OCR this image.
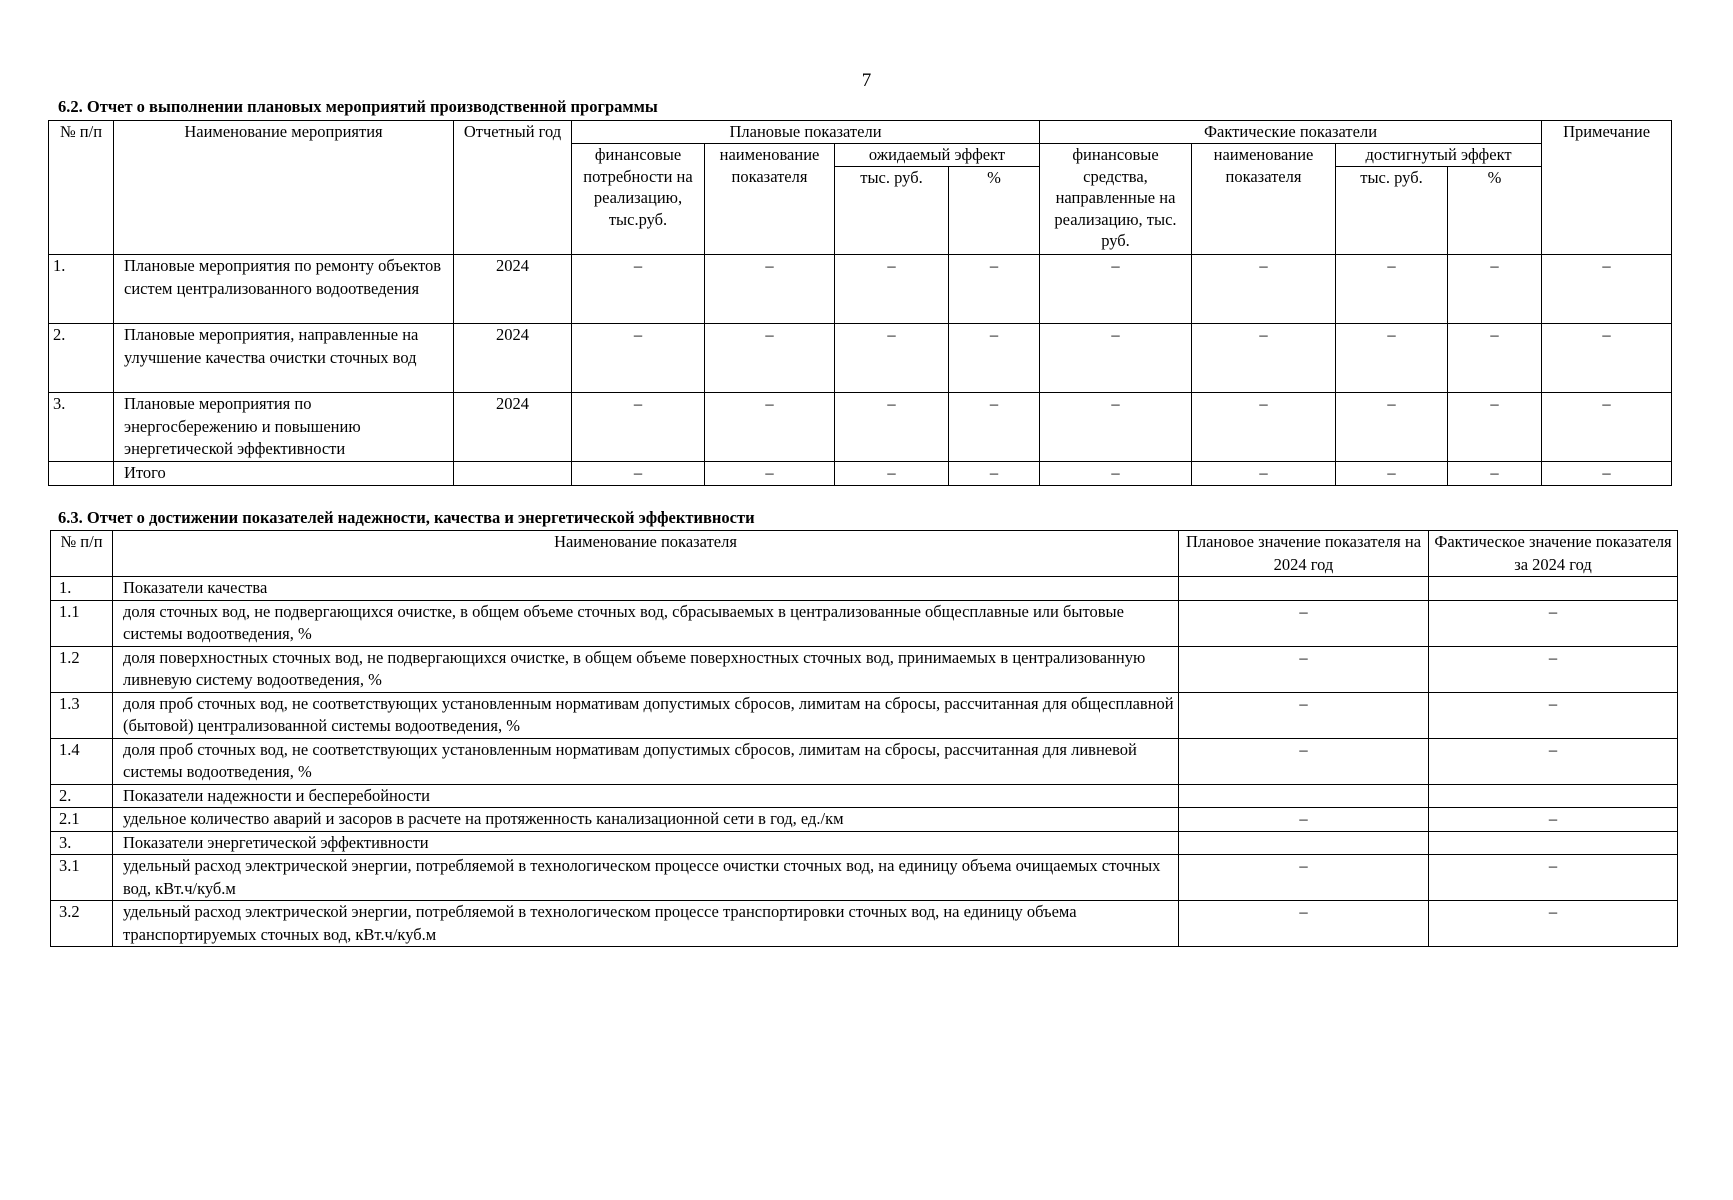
7
6.2. Отчет о выполнении плановых мероприятий производственной программы
№ п/п	Наименование мероприятия	Отчетный год	Плановые показатели				Фактические показатели				Примечание
			финансовые потребности на реализацию, тыс.руб.	наименование показателя	ожидаемый эффект		финансовые средства, направленные на реализацию, тыс. руб.	наименование показателя	достигнутый эффект		
					тыс. руб.	%			тыс. руб.	%	
1.	Плановые мероприятия по ремонту объектов систем централизованного водоотведения	2024	–	–	–	–	–	–	–	–	–
2.	Плановые мероприятия, направленные на улучшение качества очистки сточных вод	2024	–	–	–	–	–	–	–	–	–
3.	Плановые мероприятия по энергосбережению и повышению энергетической эффективности	2024	–	–	–	–	–	–	–	–	–
	Итого		–	–	–	–	–	–	–	–	–
6.3. Отчет о достижении показателей надежности, качества и энергетической эффективности
№ п/п	Наименование показателя	Плановое значение показателя на 2024 год	Фактическое значение показателя за 2024 год
1.	Показатели качества		
1.1	доля сточных вод, не подвергающихся очистке, в общем объеме сточных вод, сбрасываемых в централизованные общесплавные или бытовые системы водоотведения, %	–	–
1.2	доля поверхностных сточных вод, не подвергающихся очистке, в общем объеме поверхностных сточных вод, принимаемых в централизованную ливневую систему водоотведения, %	–	–
1.3	доля проб сточных вод, не соответствующих установленным нормативам допустимых сбросов, лимитам на сбросы, рассчитанная для общесплавной (бытовой) централизованной системы водоотведения, %	–	–
1.4	доля проб сточных вод, не соответствующих установленным нормативам допустимых сбросов, лимитам на сбросы, рассчитанная для ливневой системы водоотведения, %	–	–
2.	Показатели надежности и бесперебойности		
2.1	удельное количество аварий и засоров в расчете на протяженность канализационной сети в год, ед./км	–	–
3.	Показатели энергетической эффективности		
3.1	удельный расход электрической энергии, потребляемой в технологическом процессе очистки сточных вод, на единицу объема очищаемых сточных вод, кВт.ч/куб.м	–	–
3.2	удельный расход электрической энергии, потребляемой в технологическом процессе транспортировки сточных вод, на единицу объема транспортируемых сточных вод, кВт.ч/куб.м	–	–
